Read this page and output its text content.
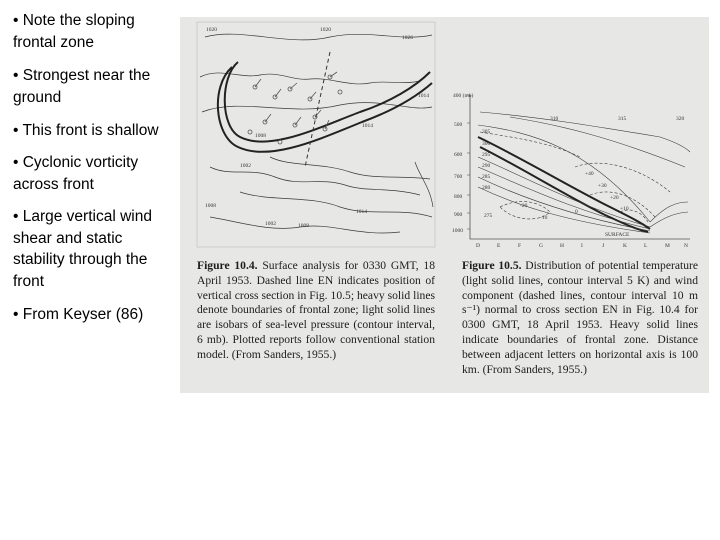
• Note the sloping frontal zone

• Strongest near the ground

• This front is shallow

• Cyclonic vorticity across front

• Large vertical wind shear and static stability through the front

• From Keyser (86)

1020	1020
1026
1014
1008
1014
1002
1008
1002	1008
1014
400 (mb)
500
600
700
800
900
1000
D	E	F	G	H	I	J	K	L	M	N
310	315	320
305
300
295
290
285
280
275
+40
+30
+20
+10
0
-10
-20
SURFACE

Figure 10.4. Surface analysis for 0330 GMT, 18 April 1953. Dashed line EN indicates position of vertical cross section in Fig. 10.5; heavy solid lines denote boundaries of frontal zone; light solid lines are isobars of sea-level pressure (contour interval, 6 mb). Plotted reports follow conventional station model. (From Sanders, 1955.)

Figure 10.5. Distribution of potential temperature (light solid lines, contour interval 5 K) and wind component (dashed lines, contour interval 10 m s⁻¹) normal to cross section EN in Fig. 10.4 for 0300 GMT, 18 April 1953. Heavy solid lines indicate boundaries of frontal zone. Distance between adjacent letters on horizontal axis is 100 km. (From Sanders, 1955.)
